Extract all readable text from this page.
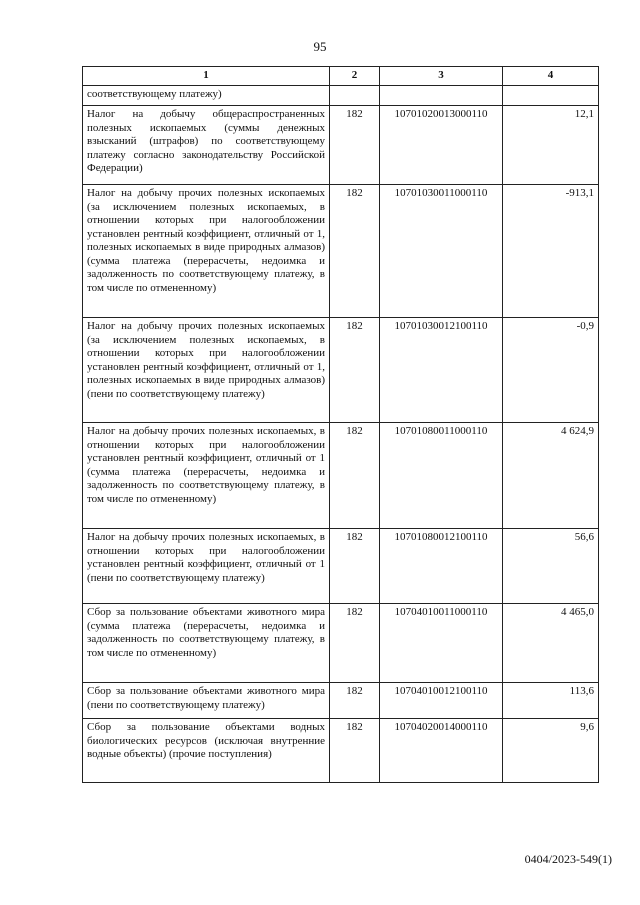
95
1	2	3	4
соответствующему платежу)			
Налог на добычу общераспространенных полезных ископаемых (суммы денежных взысканий (штрафов) по соответствующему платежу согласно законодательству Российской Федерации)	182	10701020013000110	12,1
Налог на добычу прочих полезных ископаемых (за исключением полезных ископаемых, в отношении которых при налогообложении установлен рентный коэффициент, отличный от 1, полезных ископаемых в виде природных алмазов) (сумма платежа (перерасчеты, недоимка и задолженность по соответствующему платежу, в том числе по отмененному)	182	10701030011000110	-913,1
Налог на добычу прочих полезных ископаемых (за исключением полезных ископаемых, в отношении которых при налогообложении установлен рентный коэффициент, отличный от 1, полезных ископаемых в виде природных алмазов) (пени по соответствующему платежу)	182	10701030012100110	-0,9
Налог на добычу прочих полезных ископаемых, в отношении которых при налогообложении установлен рентный коэффициент, отличный от 1 (сумма платежа (перерасчеты, недоимка и задолженность по соответствующему платежу, в том числе по отмененному)	182	10701080011000110	4 624,9
Налог на добычу прочих полезных ископаемых, в отношении которых при налогообложении установлен рентный коэффициент, отличный от 1 (пени по соответствующему платежу)	182	10701080012100110	56,6
Сбор за пользование объектами животного мира (сумма платежа (перерасчеты, недоимка и задолженность по соответствующему платежу, в том числе по отмененному)	182	10704010011000110	4 465,0
Сбор за пользование объектами животного мира (пени по соответствующему платежу)	182	10704010012100110	113,6
Сбор за пользование объектами водных биологических ресурсов (исключая внутренние водные объекты) (прочие поступления)	182	10704020014000110	9,6
0404/2023-549(1)
